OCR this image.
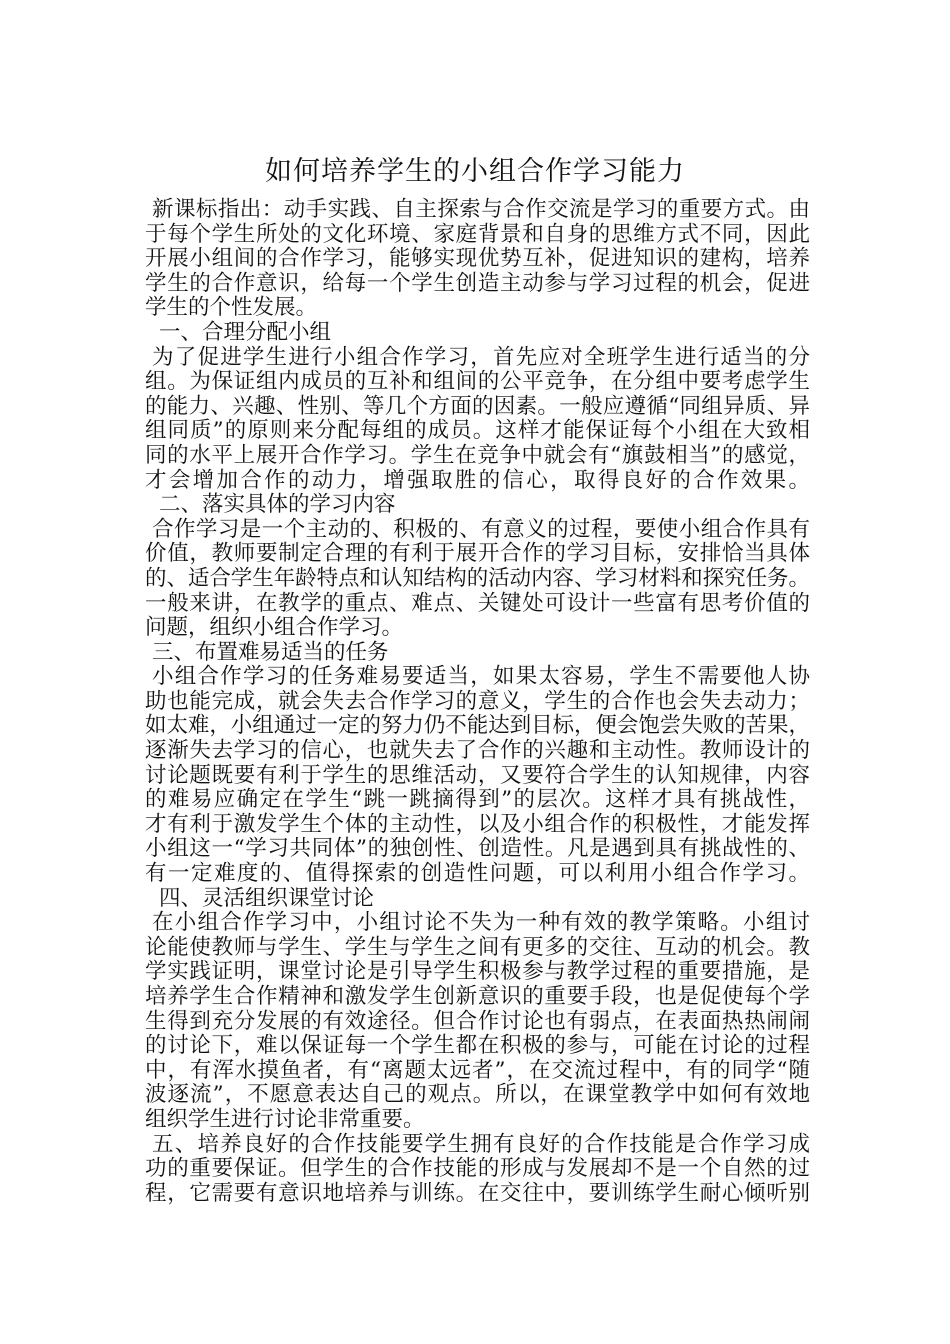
如何培养学生的小组合作学习能力
新课标指出：动手实践、自主探索与合作交流是学习的重要方式。由
于每个学生所处的文化环境、家庭背景和自身的思维方式不同，因此
开展小组间的合作学习，能够实现优势互补，促进知识的建构，培养
学生的合作意识，给每一个学生创造主动参与学习过程的机会，促进
学生的个性发展。
一、合理分配小组
为了促进学生进行小组合作学习，首先应对全班学生进行适当的分
组。为保证组内成员的互补和组间的公平竞争，在分组中要考虑学生
的能力、兴趣、性别、等几个方面的因素。一般应遵循“同组异质、异
组同质”的原则来分配每组的成员。这样才能保证每个小组在大致相
同的水平上展开合作学习。学生在竞争中就会有“旗鼓相当”的感觉，
才会增加合作的动力，增强取胜的信心，取得良好的合作效果。
二、落实具体的学习内容
合作学习是一个主动的、积极的、有意义的过程，要使小组合作具有
价值，教师要制定合理的有利于展开合作的学习目标，安排恰当具体
的、适合学生年龄特点和认知结构的活动内容、学习材料和探究任务。
一般来讲，在教学的重点、难点、关键处可设计一些富有思考价值的
问题，组织小组合作学习。
三、布置难易适当的任务
小组合作学习的任务难易要适当，如果太容易，学生不需要他人协
助也能完成，就会失去合作学习的意义，学生的合作也会失去动力；
如太难，小组通过一定的努力仍不能达到目标，便会饱尝失败的苦果，
逐渐失去学习的信心，也就失去了合作的兴趣和主动性。教师设计的
讨论题既要有利于学生的思维活动，又要符合学生的认知规律，内容
的难易应确定在学生“跳一跳摘得到”的层次。这样才具有挑战性，
才有利于激发学生个体的主动性，以及小组合作的积极性，才能发挥
小组这一“学习共同体”的独创性、创造性。凡是遇到具有挑战性的、
有一定难度的、值得探索的创造性问题，可以利用小组合作学习。
四、灵活组织课堂讨论
在小组合作学习中，小组讨论不失为一种有效的教学策略。小组讨
论能使教师与学生、学生与学生之间有更多的交往、互动的机会。教
学实践证明，课堂讨论是引导学生积极参与教学过程的重要措施，是
培养学生合作精神和激发学生创新意识的重要手段，也是促使每个学
生得到充分发展的有效途径。但合作讨论也有弱点，在表面热热闹闹
的讨论下，难以保证每一个学生都在积极的参与，可能在讨论的过程
中，有浑水摸鱼者，有“离题太远者”，在交流过程中，有的同学“随
波逐流”，不愿意表达自己的观点。所以，在课堂教学中如何有效地
组织学生进行讨论非常重要。
五、培养良好的合作技能要学生拥有良好的合作技能是合作学习成
功的重要保证。但学生的合作技能的形成与发展却不是一个自然的过
程，它需要有意识地培养与训练。在交往中，要训练学生耐心倾听别
